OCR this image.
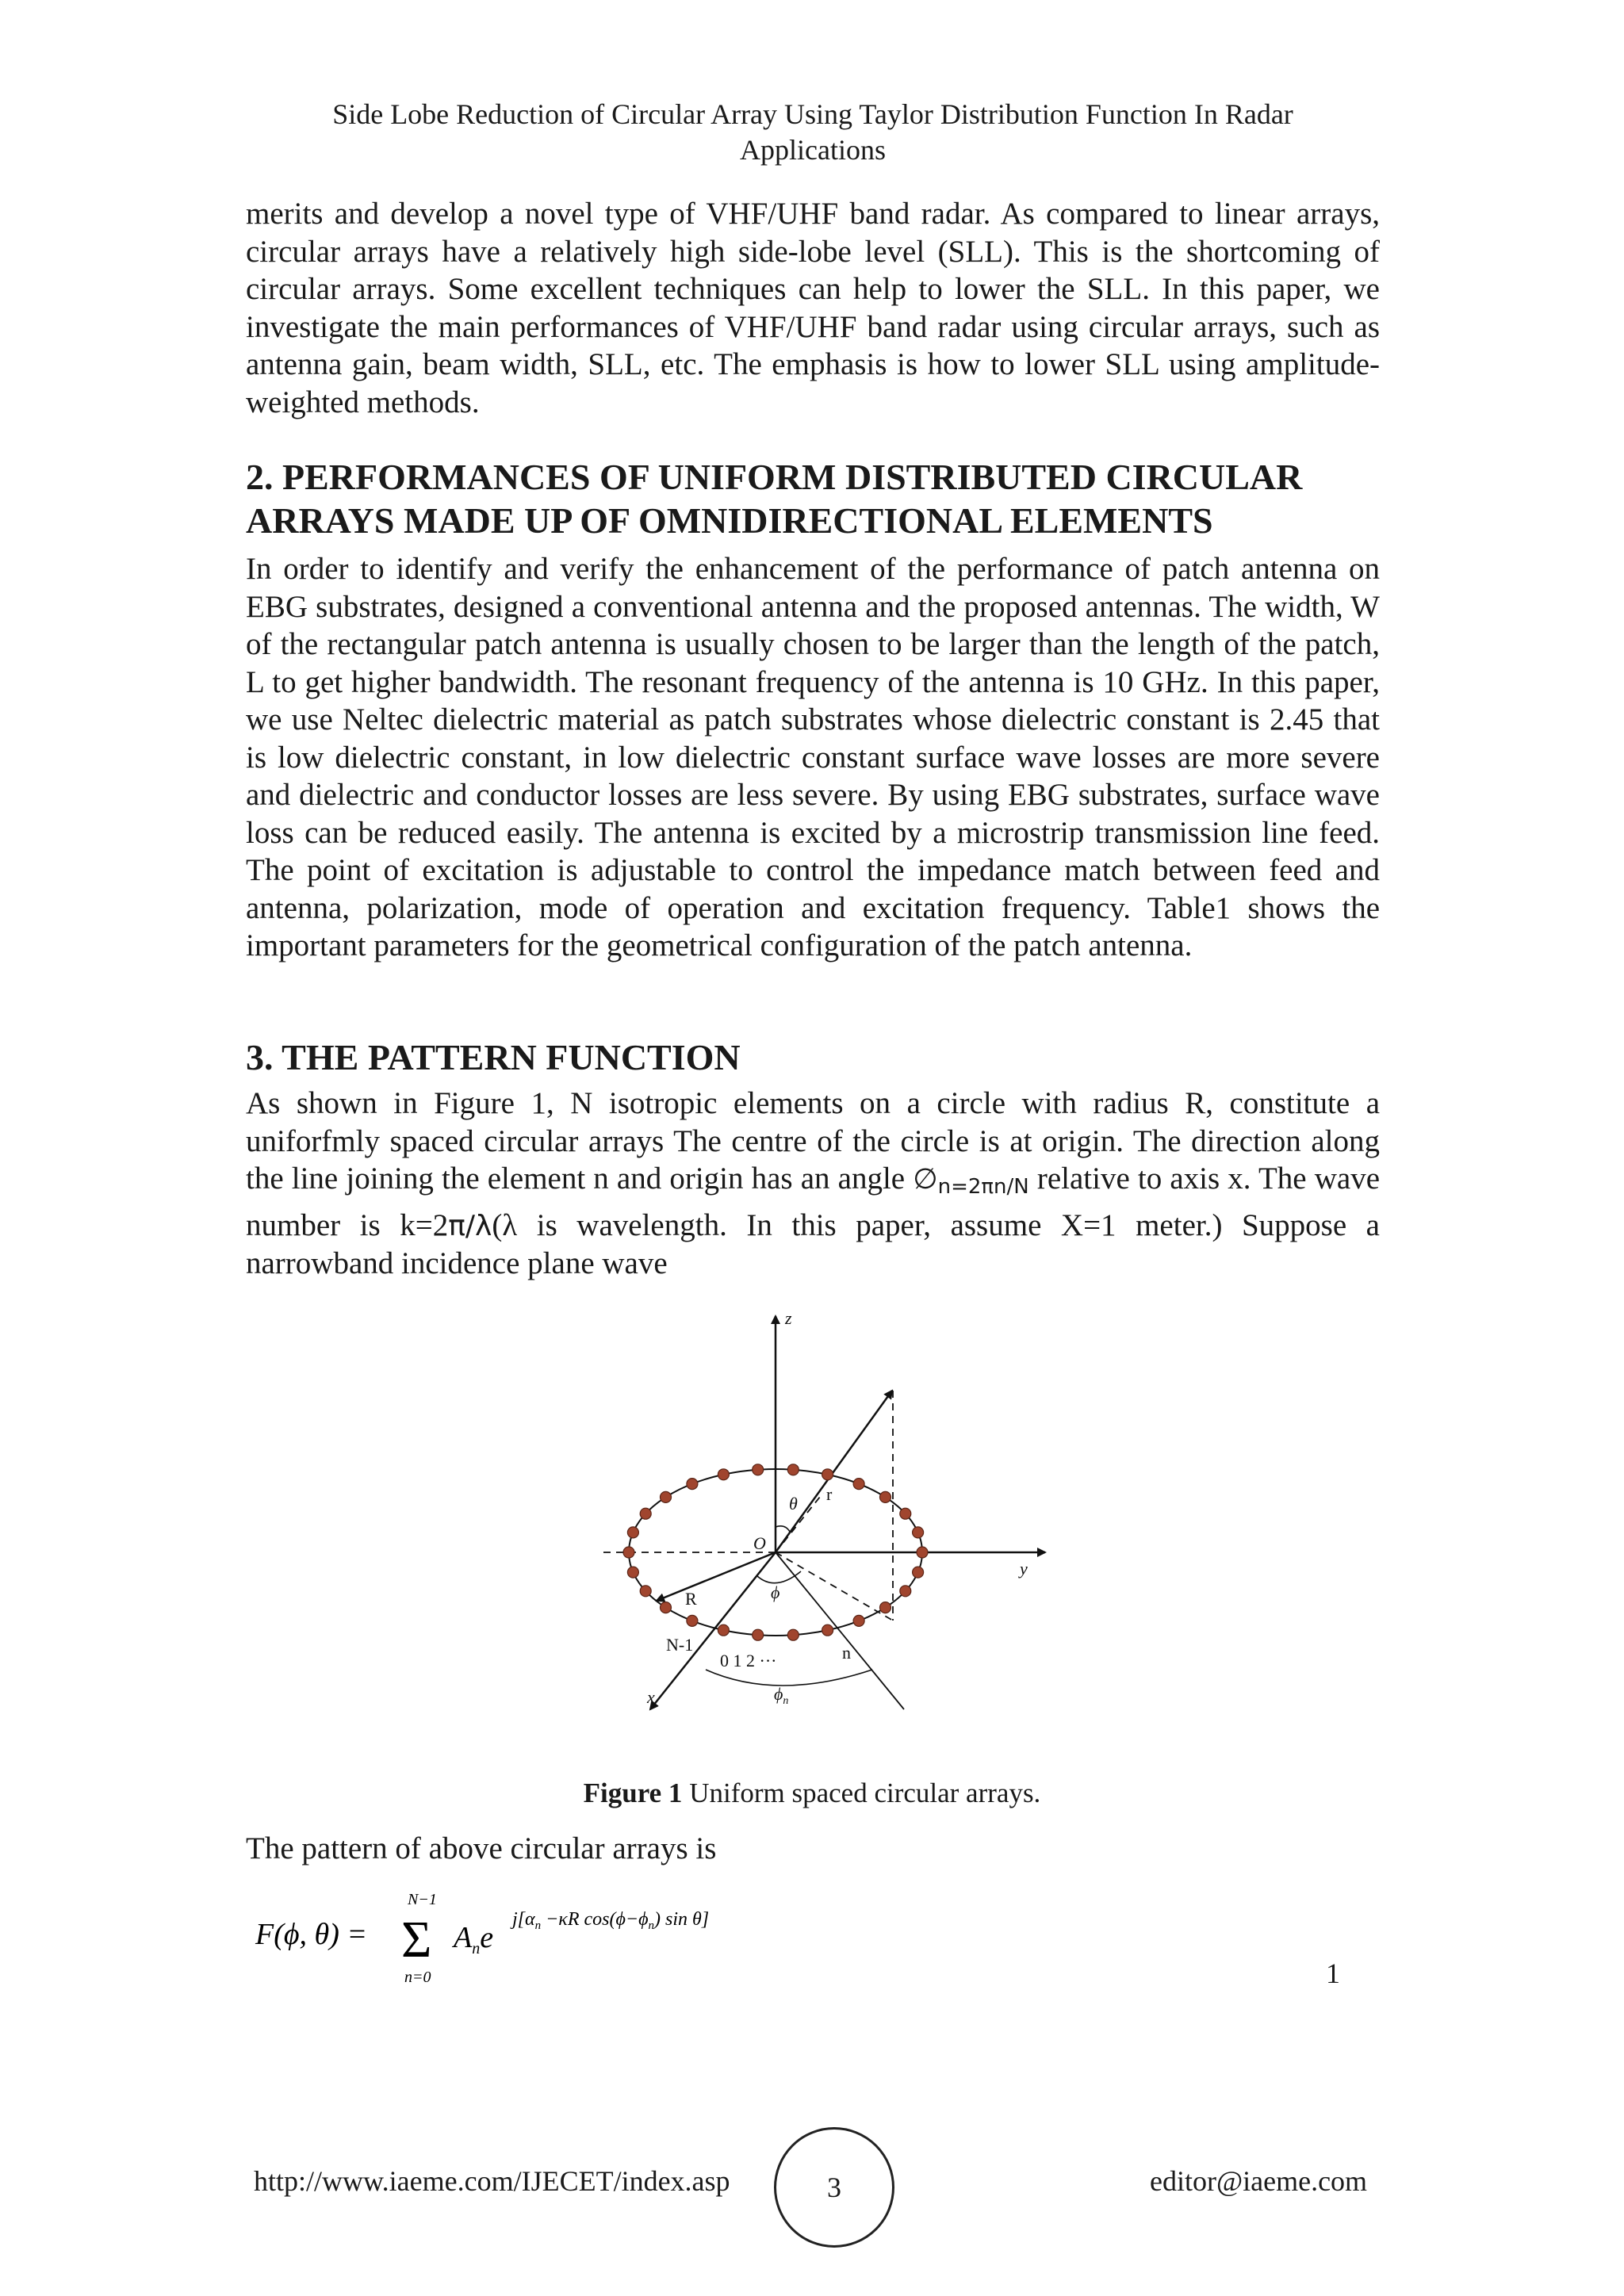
Side Lobe Reduction of Circular Array Using Taylor Distribution Function In Radar
Applications

merits and develop a novel type of VHF/UHF band radar. As compared to linear arrays, circular arrays have a relatively high side-lobe level (SLL). This is the shortcoming of circular arrays. Some excellent techniques can help to lower the SLL. In this paper, we investigate the main performances of VHF/UHF band radar using circular arrays, such as antenna gain, beam width, SLL, etc. The emphasis is how to lower SLL using amplitude-weighted methods.

2. PERFORMANCES OF UNIFORM DISTRIBUTED CIRCULAR
ARRAYS MADE UP OF OMNIDIRECTIONAL ELEMENTS

In order to identify and verify the enhancement of the performance of patch antenna on EBG substrates, designed a conventional antenna and the proposed antennas. The width, W of the rectangular patch antenna is usually chosen to be larger than the length of the patch, L to get higher bandwidth. The resonant frequency of the antenna is 10 GHz. In this paper, we use Neltec dielectric material as patch substrates whose dielectric constant is 2.45 that is low dielectric constant, in low dielectric constant surface wave losses are more severe and dielectric and conductor losses are less severe. By using EBG substrates, surface wave loss can be reduced easily. The antenna is excited by a microstrip transmission line feed. The point of excitation is adjustable to control the impedance match between feed and antenna, polarization, mode of operation and excitation frequency. Table1 shows the important parameters for the geometrical configuration of the patch antenna.

3. THE PATTERN FUNCTION

As shown in Figure 1, N isotropic elements on a circle with radius R, constitute a uniforfmly spaced circular arrays The centre of the circle is at origin. The direction along the line joining the element n and origin has an angle $\emptyset_{n=2\pi n/N}$ relative to axis x. The wave number is k=2π/λ(λ is wavelength. In this paper, assume X=1 meter.) Suppose a narrowband incidence plane wave

z
y
x
O
r
θ
ϕ
R
N-1
0 1 2 ···	n
$\phi_n$
Figure 1 Uniform spaced circular arrays.
The pattern of above circular arrays is
F(ϕ, θ) =
N−1
Σ
n=0
$A_ne$
$j[\alpha_n -\kappa R$ $\cos(\phi-\phi_n)$ sin θ]
1
http://www.iaeme.com/IJECET/index.asp	3	editor@iaeme.com
